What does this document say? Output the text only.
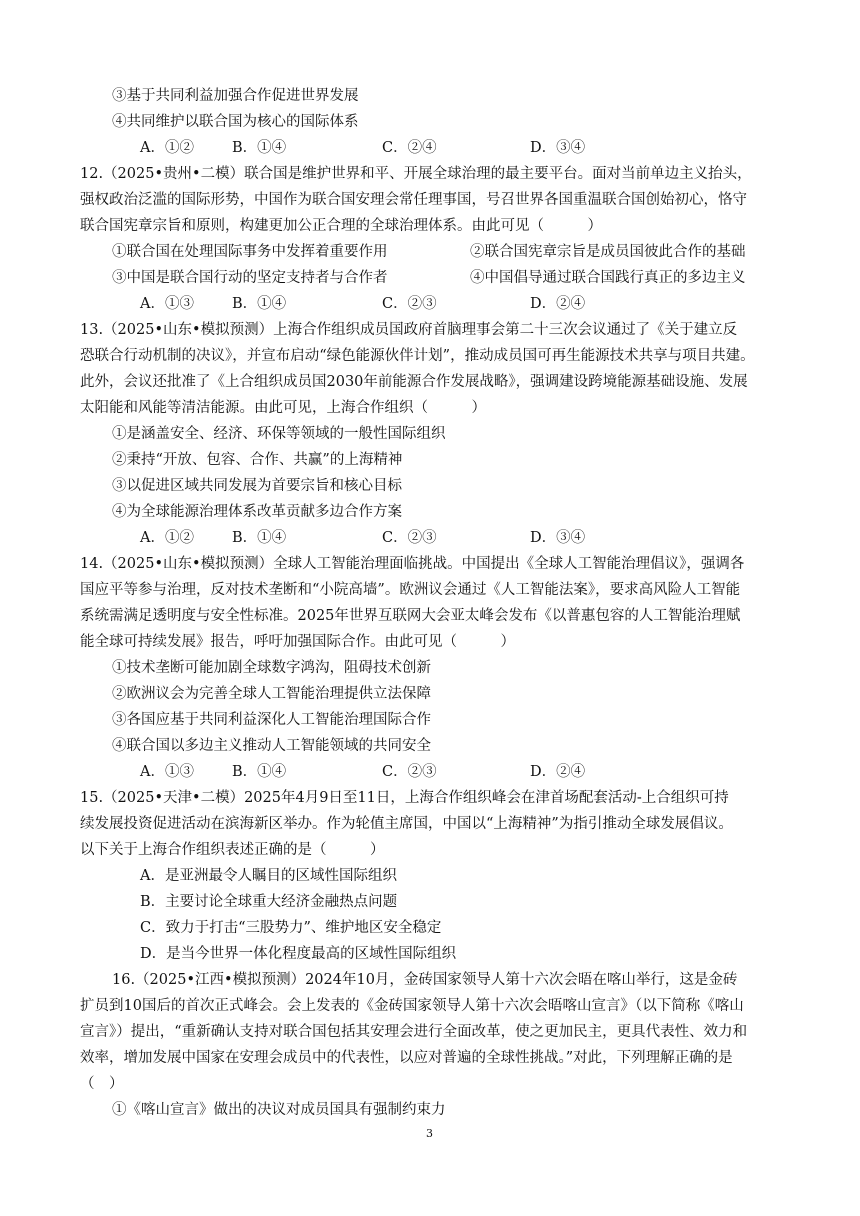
③基于共同利益加强合作促进世界发展
④共同维护以联合国为核心的国际体系
A．①②	B．①④	C．②④	D．③④
12.（2025•贵州•二模）联合国是维护世界和平、开展全球治理的最主要平台。面对当前单边主义抬头，
强权政治泛滥的国际形势，中国作为联合国安理会常任理事国，号召世界各国重温联合国创始初心，恪守
联合国宪章宗旨和原则，构建更加公正合理的全球治理体系。由此可见（　　　）
①联合国在处理国际事务中发挥着重要作用	②联合国宪章宗旨是成员国彼此合作的基础
③中国是联合国行动的坚定支持者与合作者	④中国倡导通过联合国践行真正的多边主义
A．①③	B．①④	C．②③	D．②④
13.（2025•山东•模拟预测）上海合作组织成员国政府首脑理事会第二十三次会议通过了《关于建立反
恐联合行动机制的决议》，并宣布启动“绿色能源伙伴计划”，推动成员国可再生能源技术共享与项目共建。
此外，会议还批准了《上合组织成员国2030年前能源合作发展战略》，强调建设跨境能源基础设施、发展
太阳能和风能等清洁能源。由此可见，上海合作组织（　　　）
①是涵盖安全、经济、环保等领域的一般性国际组织
②秉持“开放、包容、合作、共赢”的上海精神
③以促进区域共同发展为首要宗旨和核心目标
④为全球能源治理体系改革贡献多边合作方案
A．①②	B．①④	C．②③	D．③④
14.（2025•山东•模拟预测）全球人工智能治理面临挑战。中国提出《全球人工智能治理倡议》，强调各
国应平等参与治理，反对技术垄断和“小院高墙”。欧洲议会通过《人工智能法案》，要求高风险人工智能
系统需满足透明度与安全性标准。2025年世界互联网大会亚太峰会发布《以普惠包容的人工智能治理赋
能全球可持续发展》报告，呼吁加强国际合作。由此可见（　　　）
①技术垄断可能加剧全球数字鸿沟，阻碍技术创新
②欧洲议会为完善全球人工智能治理提供立法保障
③各国应基于共同利益深化人工智能治理国际合作
④联合国以多边主义推动人工智能领域的共同安全
A．①③	B．①④	C．②③	D．②④
15.（2025•天津•二模）2025年4月9日至11日，上海合作组织峰会在津首场配套活动-上合组织可持
续发展投资促进活动在滨海新区举办。作为轮值主席国，中国以“上海精神”为指引推动全球发展倡议。
以下关于上海合作组织表述正确的是（　　　）
A．是亚洲最令人瞩目的区域性国际组织
B．主要讨论全球重大经济金融热点问题
C．致力于打击“三股势力”、维护地区安全稳定
D．是当今世界一体化程度最高的区域性国际组织
16.（2025•江西•模拟预测）2024年10月，金砖国家领导人第十六次会晤在喀山举行，这是金砖
扩员到10国后的首次正式峰会。会上发表的《金砖国家领导人第十六次会晤喀山宣言》（以下简称《喀山
宣言》）提出，“重新确认支持对联合国包括其安理会进行全面改革，使之更加民主，更具代表性、效力和
效率，增加发展中国家在安理会成员中的代表性，以应对普遍的全球性挑战。”对此，下列理解正确的是
（　）
①《喀山宣言》做出的决议对成员国具有强制约束力
3
